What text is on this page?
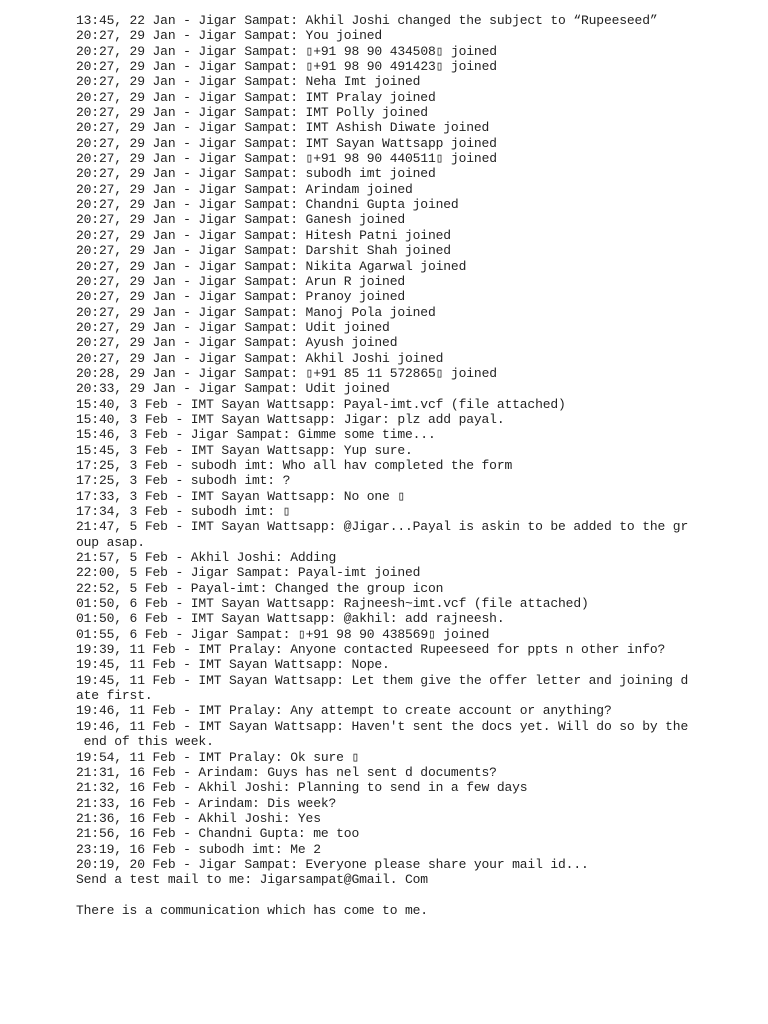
13:45, 22 Jan - Jigar Sampat: Akhil Joshi changed the subject to “Rupeeseed”
20:27, 29 Jan - Jigar Sampat: You joined
20:27, 29 Jan - Jigar Sampat: ▯+91 98 90 434508▯ joined
20:27, 29 Jan - Jigar Sampat: ▯+91 98 90 491423▯ joined
20:27, 29 Jan - Jigar Sampat: Neha Imt joined
20:27, 29 Jan - Jigar Sampat: IMT Pralay joined
20:27, 29 Jan - Jigar Sampat: IMT Polly joined
20:27, 29 Jan - Jigar Sampat: IMT Ashish Diwate joined
20:27, 29 Jan - Jigar Sampat: IMT Sayan Wattsapp joined
20:27, 29 Jan - Jigar Sampat: ▯+91 98 90 440511▯ joined
20:27, 29 Jan - Jigar Sampat: subodh imt joined
20:27, 29 Jan - Jigar Sampat: Arindam joined
20:27, 29 Jan - Jigar Sampat: Chandni Gupta joined
20:27, 29 Jan - Jigar Sampat: Ganesh joined
20:27, 29 Jan - Jigar Sampat: Hitesh Patni joined
20:27, 29 Jan - Jigar Sampat: Darshit Shah joined
20:27, 29 Jan - Jigar Sampat: Nikita Agarwal joined
20:27, 29 Jan - Jigar Sampat: Arun R joined
20:27, 29 Jan - Jigar Sampat: Pranoy joined
20:27, 29 Jan - Jigar Sampat: Manoj Pola joined
20:27, 29 Jan - Jigar Sampat: Udit joined
20:27, 29 Jan - Jigar Sampat: Ayush joined
20:27, 29 Jan - Jigar Sampat: Akhil Joshi joined
20:28, 29 Jan - Jigar Sampat: ▯+91 85 11 572865▯ joined
20:33, 29 Jan - Jigar Sampat: Udit joined
15:40, 3 Feb - IMT Sayan Wattsapp: Payal-imt.vcf (file attached)
15:40, 3 Feb - IMT Sayan Wattsapp: Jigar: plz add payal.
15:46, 3 Feb - Jigar Sampat: Gimme some time...
15:45, 3 Feb - IMT Sayan Wattsapp: Yup sure.
17:25, 3 Feb - subodh imt: Who all hav completed the form
17:25, 3 Feb - subodh imt: ?
17:33, 3 Feb - IMT Sayan Wattsapp: No one ▯
17:34, 3 Feb - subodh imt: ▯
21:47, 5 Feb - IMT Sayan Wattsapp: @Jigar...Payal is askin to be added to the gr
oup asap.
21:57, 5 Feb - Akhil Joshi: Adding
22:00, 5 Feb - Jigar Sampat: Payal-imt joined
22:52, 5 Feb - Payal-imt: Changed the group icon
01:50, 6 Feb - IMT Sayan Wattsapp: Rajneesh~imt.vcf (file attached)
01:50, 6 Feb - IMT Sayan Wattsapp: @akhil: add rajneesh.
01:55, 6 Feb - Jigar Sampat: ▯+91 98 90 438569▯ joined
19:39, 11 Feb - IMT Pralay: Anyone contacted Rupeeseed for ppts n other info?
19:45, 11 Feb - IMT Sayan Wattsapp: Nope.
19:45, 11 Feb - IMT Sayan Wattsapp: Let them give the offer letter and joining d
ate first.
19:46, 11 Feb - IMT Pralay: Any attempt to create account or anything?
19:46, 11 Feb - IMT Sayan Wattsapp: Haven't sent the docs yet. Will do so by the
end of this week.
19:54, 11 Feb - IMT Pralay: Ok sure ▯
21:31, 16 Feb - Arindam: Guys has nel sent d documents?
21:32, 16 Feb - Akhil Joshi: Planning to send in a few days
21:33, 16 Feb - Arindam: Dis week?
21:36, 16 Feb - Akhil Joshi: Yes
21:56, 16 Feb - Chandni Gupta: me too
23:19, 16 Feb - subodh imt: Me 2
20:19, 20 Feb - Jigar Sampat: Everyone please share your mail id...
Send a test mail to me: Jigarsampat@Gmail. Com
There is a communication which has come to me.
